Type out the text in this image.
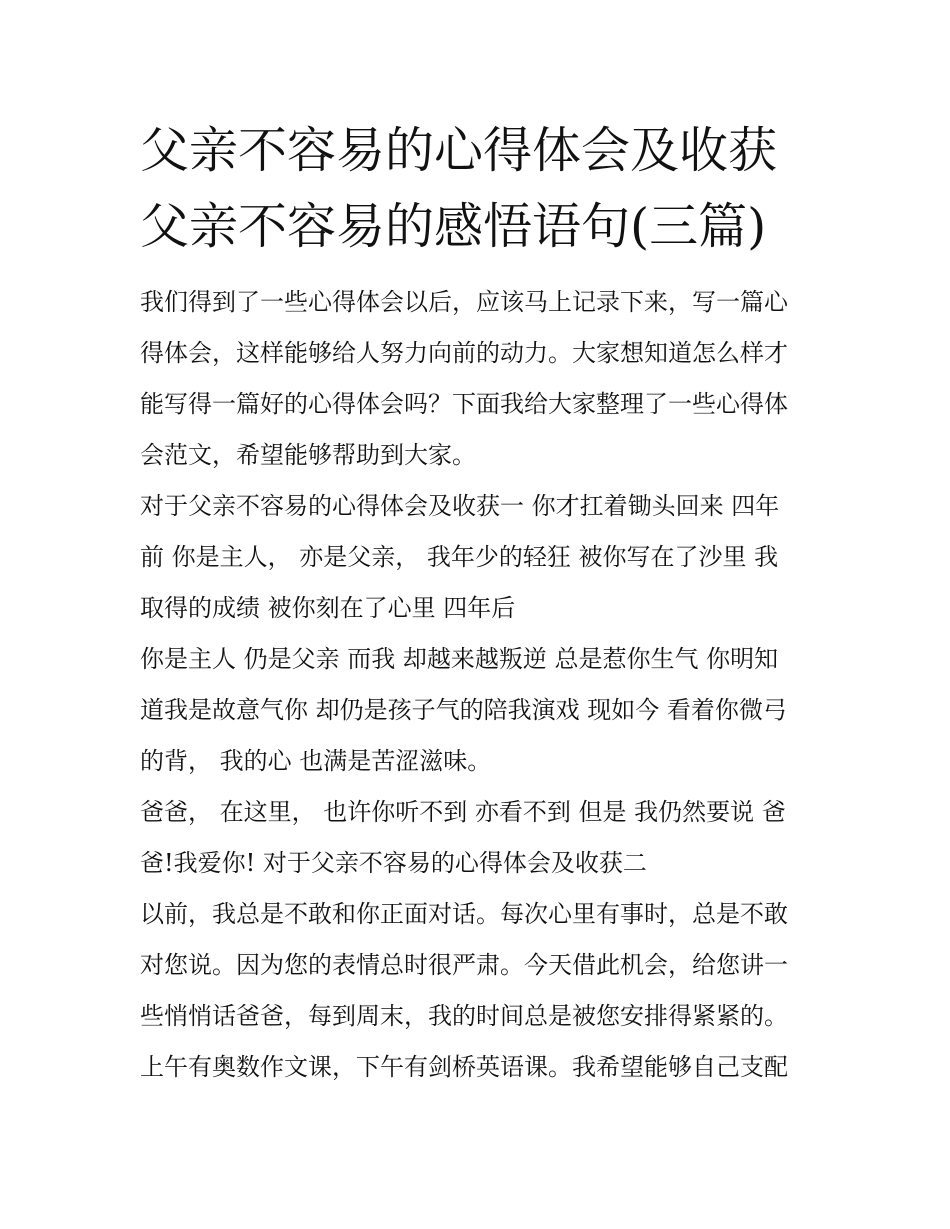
父亲不容易的心得体会及收获
父亲不容易的感悟语句(三篇)
我们得到了一些心得体会以后，应该马上记录下来，写一篇心
得体会，这样能够给人努力向前的动力。大家想知道怎么样才
能写得一篇好的心得体会吗？下面我给大家整理了一些心得体
会范文，希望能够帮助到大家。
对于父亲不容易的心得体会及收获一 你才扛着锄头回来 四年
前 你是主人， 亦是父亲， 我年少的轻狂 被你写在了沙里 我
取得的成绩 被你刻在了心里 四年后
你是主人 仍是父亲 而我 却越来越叛逆 总是惹你生气 你明知
道我是故意气你 却仍是孩子气的陪我演戏 现如今 看着你微弓
的背， 我的心 也满是苦涩滋味。
爸爸， 在这里， 也许你听不到 亦看不到 但是 我仍然要说 爸
爸!我爱你! 对于父亲不容易的心得体会及收获二
以前，我总是不敢和你正面对话。每次心里有事时，总是不敢
对您说。因为您的表情总时很严肃。今天借此机会，给您讲一
些悄悄话爸爸，每到周末，我的时间总是被您安排得紧紧的。
上午有奥数作文课，下午有剑桥英语课。我希望能够自己支配
